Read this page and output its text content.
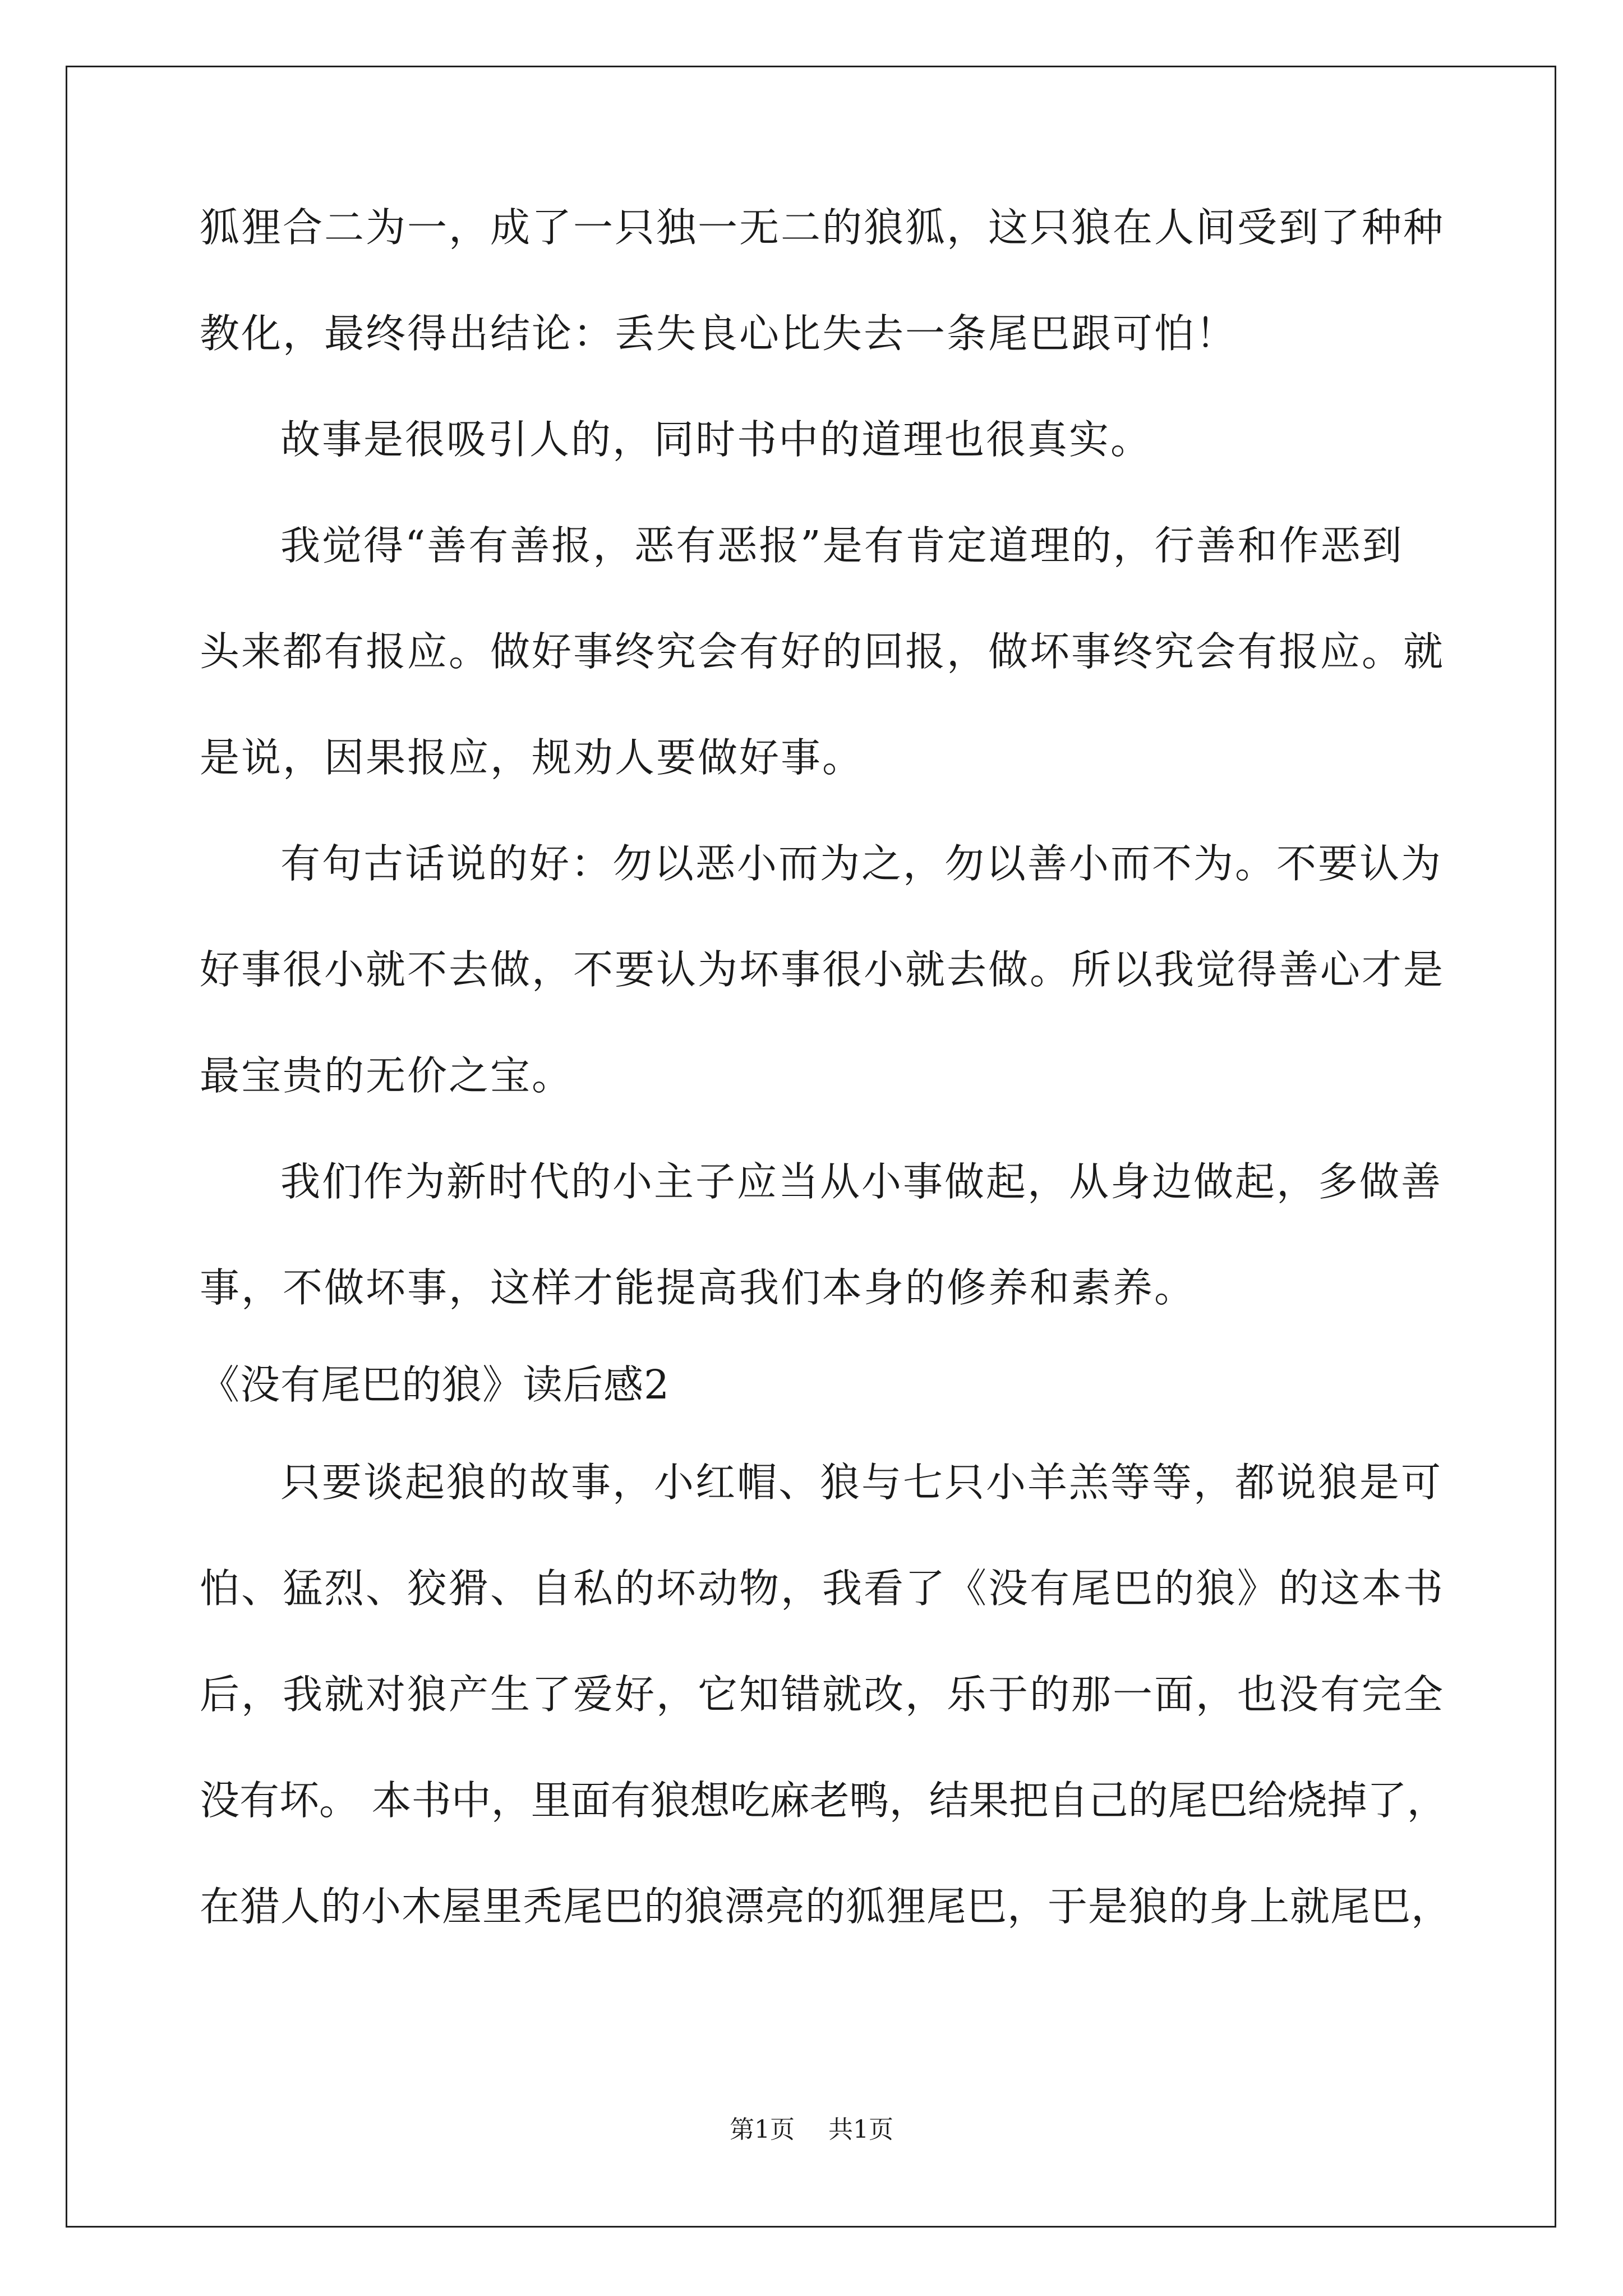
狐狸合二为一，成了一只独一无二的狼狐，这只狼在人间受到了种种
教化，最终得出结论：丢失良心比失去一条尾巴跟可怕！
故事是很吸引人的，同时书中的道理也很真实。
我觉得“善有善报，恶有恶报”是有肯定道理的，行善和作恶到
头来都有报应。做好事终究会有好的回报，做坏事终究会有报应。就
是说，因果报应，规劝人要做好事。
有句古话说的好：勿以恶小而为之，勿以善小而不为。不要认为
好事很小就不去做，不要认为坏事很小就去做。所以我觉得善心才是
最宝贵的无价之宝。
我们作为新时代的小主子应当从小事做起，从身边做起，多做善
事，不做坏事，这样才能提高我们本身的修养和素养。
《没有尾巴的狼》读后感2
只要谈起狼的故事，小红帽、狼与七只小羊羔等等，都说狼是可
怕、猛烈、狡猾、自私的坏动物，我看了《没有尾巴的狼》的这本书
后，我就对狼产生了爱好，它知错就改，乐于的那一面，也没有完全
没有坏。 本书中，里面有狼想吃麻老鸭，结果把自己的尾巴给烧掉了，
在猎人的小木屋里秃尾巴的狼漂亮的狐狸尾巴，于是狼的身上就尾巴，
第1页 共1页
